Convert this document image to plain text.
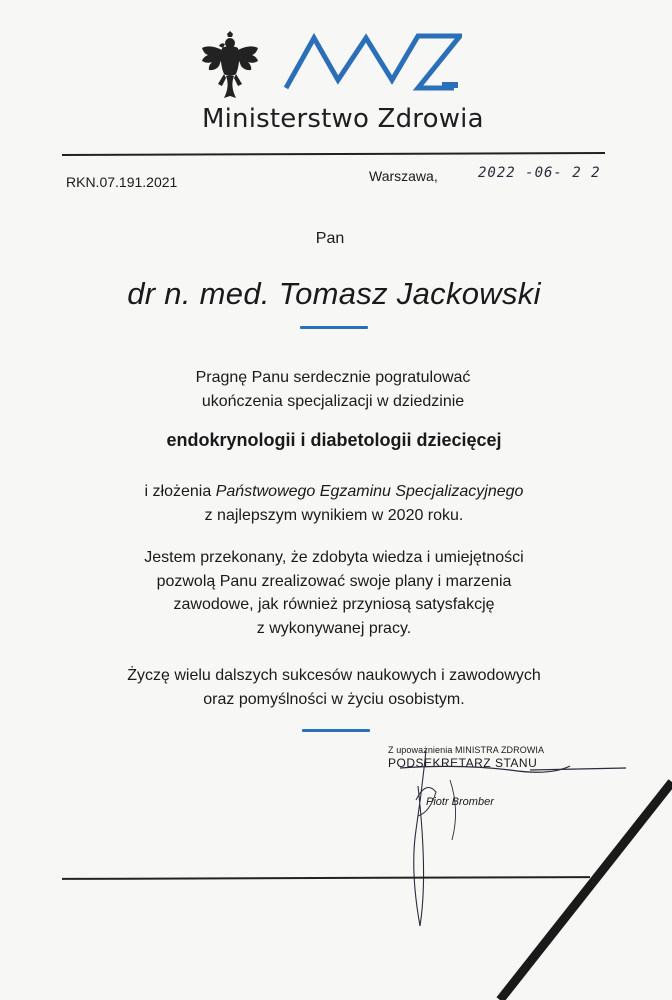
Ministerstwo Zdrowia
RKN.07.191.2021	Warszawa,	2022 -06- 2 2
Pan
dr n. med. Tomasz Jackowski
Pragnę Panu serdecznie pogratulować
ukończenia specjalizacji w dziedzinie
endokrynologii i diabetologii dziecięcej
i złożenia Państwowego Egzaminu Specjalizacyjnego
z najlepszym wynikiem w 2020 roku.
Jestem przekonany, że zdobyta wiedza i umiejętności
pozwolą Panu zrealizować swoje plany i marzenia
zawodowe, jak również przyniosą satysfakcję
z wykonywanej pracy.
Życzę wielu dalszych sukcesów naukowych i zawodowych
oraz pomyślności w życiu osobistym.
Z upoważnienia MINISTRA ZDROWIA
PODSEKRETARZ STANU
Piotr Bromber
